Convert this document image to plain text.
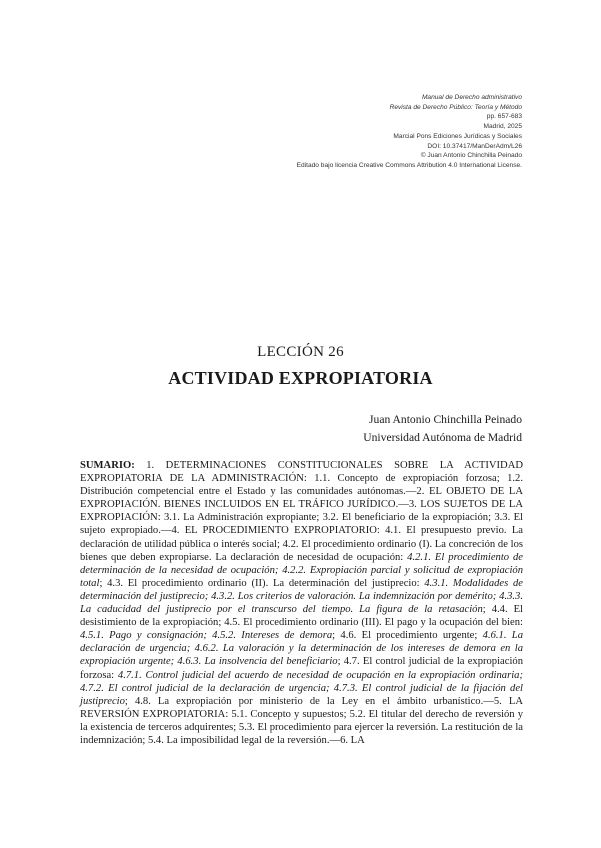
Manual de Derecho administrativo
Revista de Derecho Público: Teoría y Método
pp. 657-683
Madrid, 2025
Marcial Pons Ediciones Jurídicas y Sociales
DOI: 10.37417/ManDerAdm/L26
© Juan Antonio Chinchilla Peinado
Editado bajo licencia Creative Commons Attribution 4.0 International License.
LECCIÓN 26
ACTIVIDAD EXPROPIATORIA
Juan Antonio Chinchilla Peinado
Universidad Autónoma de Madrid
SUMARIO: 1. DETERMINACIONES CONSTITUCIONALES SOBRE LA ACTIVIDAD EXPROPIATORIA DE LA ADMINISTRACIÓN: 1.1. Concepto de expropiación forzosa; 1.2. Distribución competencial entre el Estado y las comunidades autónomas.—2. EL OBJETO DE LA EXPROPIACIÓN. BIENES INCLUIDOS EN EL TRÁFICO JURÍDICO.—3. LOS SUJETOS DE LA EXPROPIACIÓN: 3.1. La Administración expropiante; 3.2. El beneficiario de la expropiación; 3.3. El sujeto expropiado.—4. EL PROCEDIMIENTO EXPROPIATORIO: 4.1. El presupuesto previo. La declaración de utilidad pública o interés social; 4.2. El procedimiento ordinario (I). La concreción de los bienes que deben expropiarse. La declaración de necesidad de ocupación: 4.2.1. El procedimiento de determinación de la necesidad de ocupación; 4.2.2. Expropiación parcial y solicitud de expropiación total; 4.3. El procedimiento ordinario (II). La determinación del justiprecio: 4.3.1. Modalidades de determinación del justiprecio; 4.3.2. Los criterios de valoración. La indemnización por demérito; 4.3.3. La caducidad del justiprecio por el transcurso del tiempo. La figura de la retasación; 4.4. El desistimiento de la expropiación; 4.5. El procedimiento ordinario (III). El pago y la ocupación del bien: 4.5.1. Pago y consignación; 4.5.2. Intereses de demora; 4.6. El procedimiento urgente; 4.6.1. La declaración de urgencia; 4.6.2. La valoración y la determinación de los intereses de demora en la expropiación urgente; 4.6.3. La insolvencia del beneficiario; 4.7. El control judicial de la expropiación forzosa: 4.7.1. Control judicial del acuerdo de necesidad de ocupación en la expropiación ordinaria; 4.7.2. El control judicial de la declaración de urgencia; 4.7.3. El control judicial de la fijación del justiprecio; 4.8. La expropiación por ministerio de la Ley en el ámbito urbanístico.—5. LA REVERSIÓN EXPROPIATORIA: 5.1. Concepto y supuestos; 5.2. El titular del derecho de reversión y la existencia de terceros adquirentes; 5.3. El procedimiento para ejercer la reversión. La restitución de la indemnización; 5.4. La imposibilidad legal de la reversión.—6. LA
